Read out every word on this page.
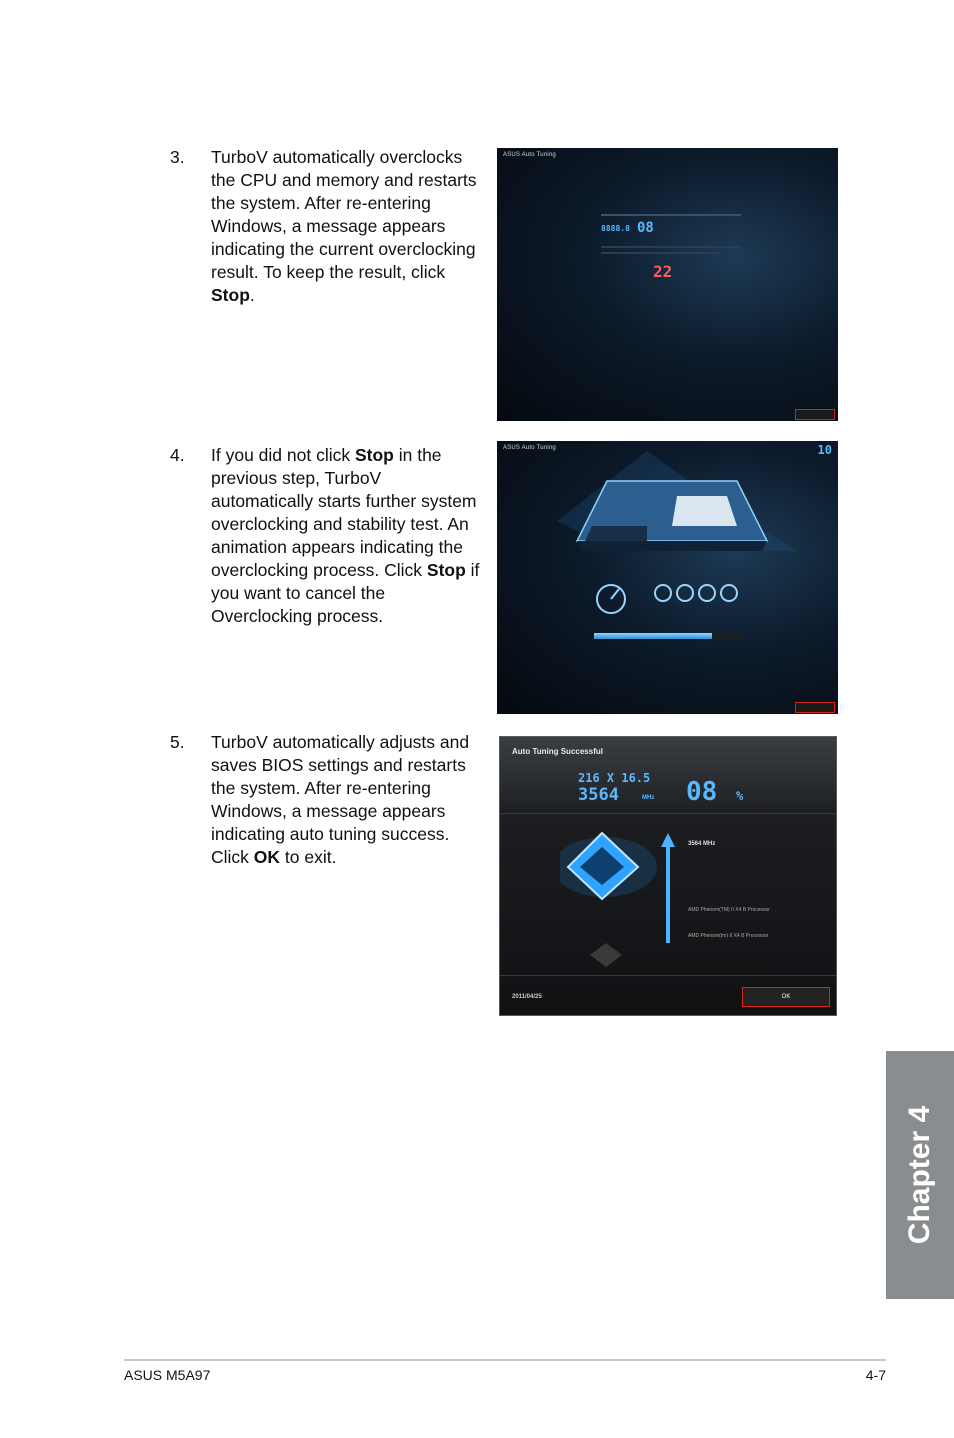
3.	TurboV automatically overclocks the CPU and memory and restarts the system. After re-entering Windows, a message appears indicating the current overclocking result. To keep the result, click Stop.
ASUS Auto Tuning
8888.8 08
22
4.	If you did not click Stop in the previous step, TurboV automatically starts further system overclocking and stability test. An animation appears indicating the overclocking process. Click Stop if you want to cancel the Overclocking process.
ASUS Auto Tuning	10
5.	TurboV automatically adjusts and saves BIOS settings and restarts the system. After re-entering Windows, a message appears indicating auto tuning success. Click OK to exit.
Auto Tuning Successful
216 X 16.5
3564	MHz 08 %
3564 MHz
AMD Phenom(TM) II X4 B Processor
AMD Phenom(tm) II X4 B Processor
2011/04/25	OK
Chapter 4
ASUS M5A97	4-7
